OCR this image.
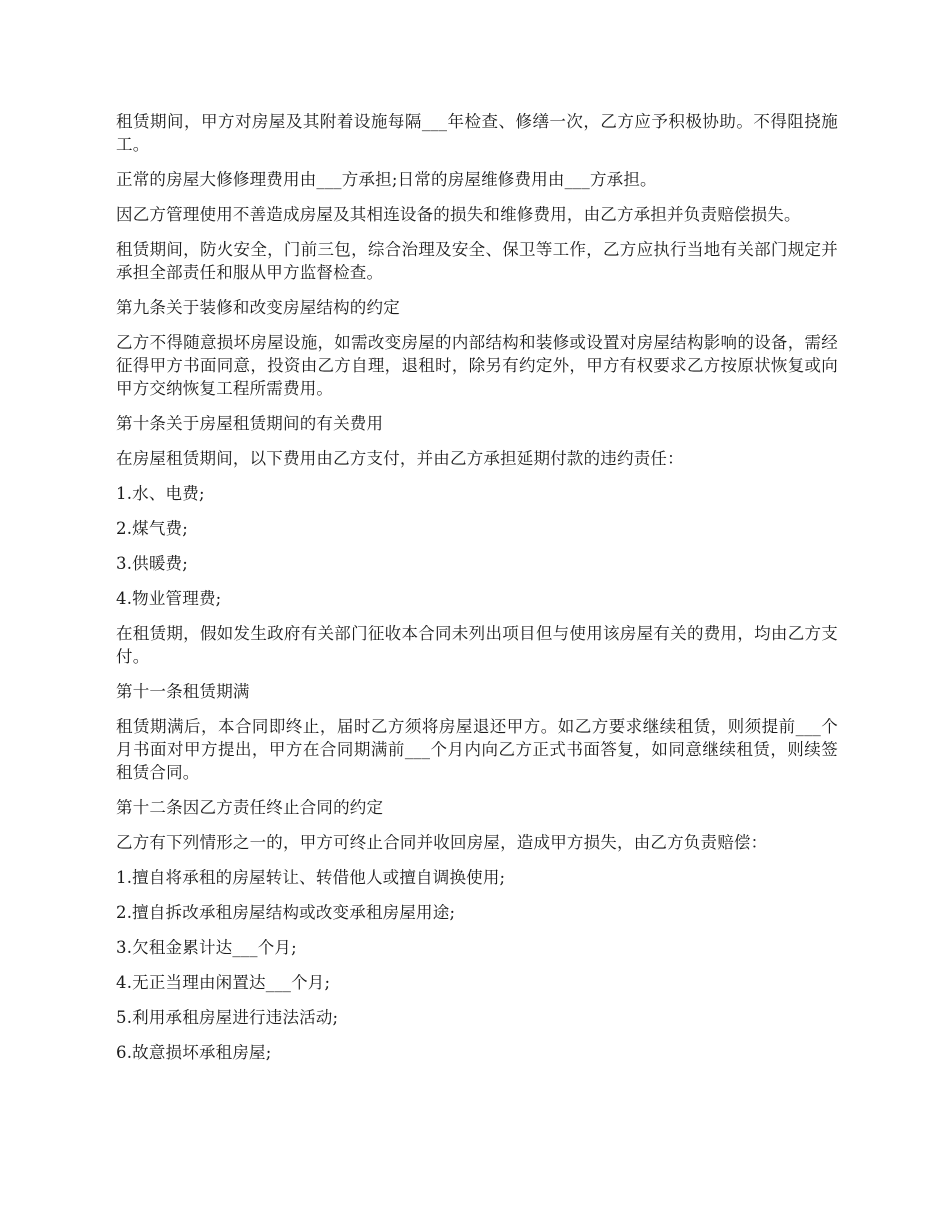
租赁期间，甲方对房屋及其附着设施每隔___年检查、修缮一次，乙方应予积极协助。不得阻挠施工。

正常的房屋大修修理费用由___方承担;日常的房屋维修费用由___方承担。

因乙方管理使用不善造成房屋及其相连设备的损失和维修费用，由乙方承担并负责赔偿损失。

租赁期间，防火安全，门前三包，综合治理及安全、保卫等工作，乙方应执行当地有关部门规定并承担全部责任和服从甲方监督检查。

第九条关于装修和改变房屋结构的约定

乙方不得随意损坏房屋设施，如需改变房屋的内部结构和装修或设置对房屋结构影响的设备，需经征得甲方书面同意，投资由乙方自理，退租时，除另有约定外，甲方有权要求乙方按原状恢复或向甲方交纳恢复工程所需费用。

第十条关于房屋租赁期间的有关费用

在房屋租赁期间，以下费用由乙方支付，并由乙方承担延期付款的违约责任：

1.水、电费;

2.煤气费;

3.供暖费;

4.物业管理费;

在租赁期，假如发生政府有关部门征收本合同未列出项目但与使用该房屋有关的费用，均由乙方支付。

第十一条租赁期满

租赁期满后，本合同即终止，届时乙方须将房屋退还甲方。如乙方要求继续租赁，则须提前___个月书面对甲方提出，甲方在合同期满前___个月内向乙方正式书面答复，如同意继续租赁，则续签租赁合同。

第十二条因乙方责任终止合同的约定

乙方有下列情形之一的，甲方可终止合同并收回房屋，造成甲方损失，由乙方负责赔偿：

1.擅自将承租的房屋转让、转借他人或擅自调换使用;

2.擅自拆改承租房屋结构或改变承租房屋用途;

3.欠租金累计达___个月;

4.无正当理由闲置达___个月;

5.利用承租房屋进行违法活动;

6.故意损坏承租房屋;
